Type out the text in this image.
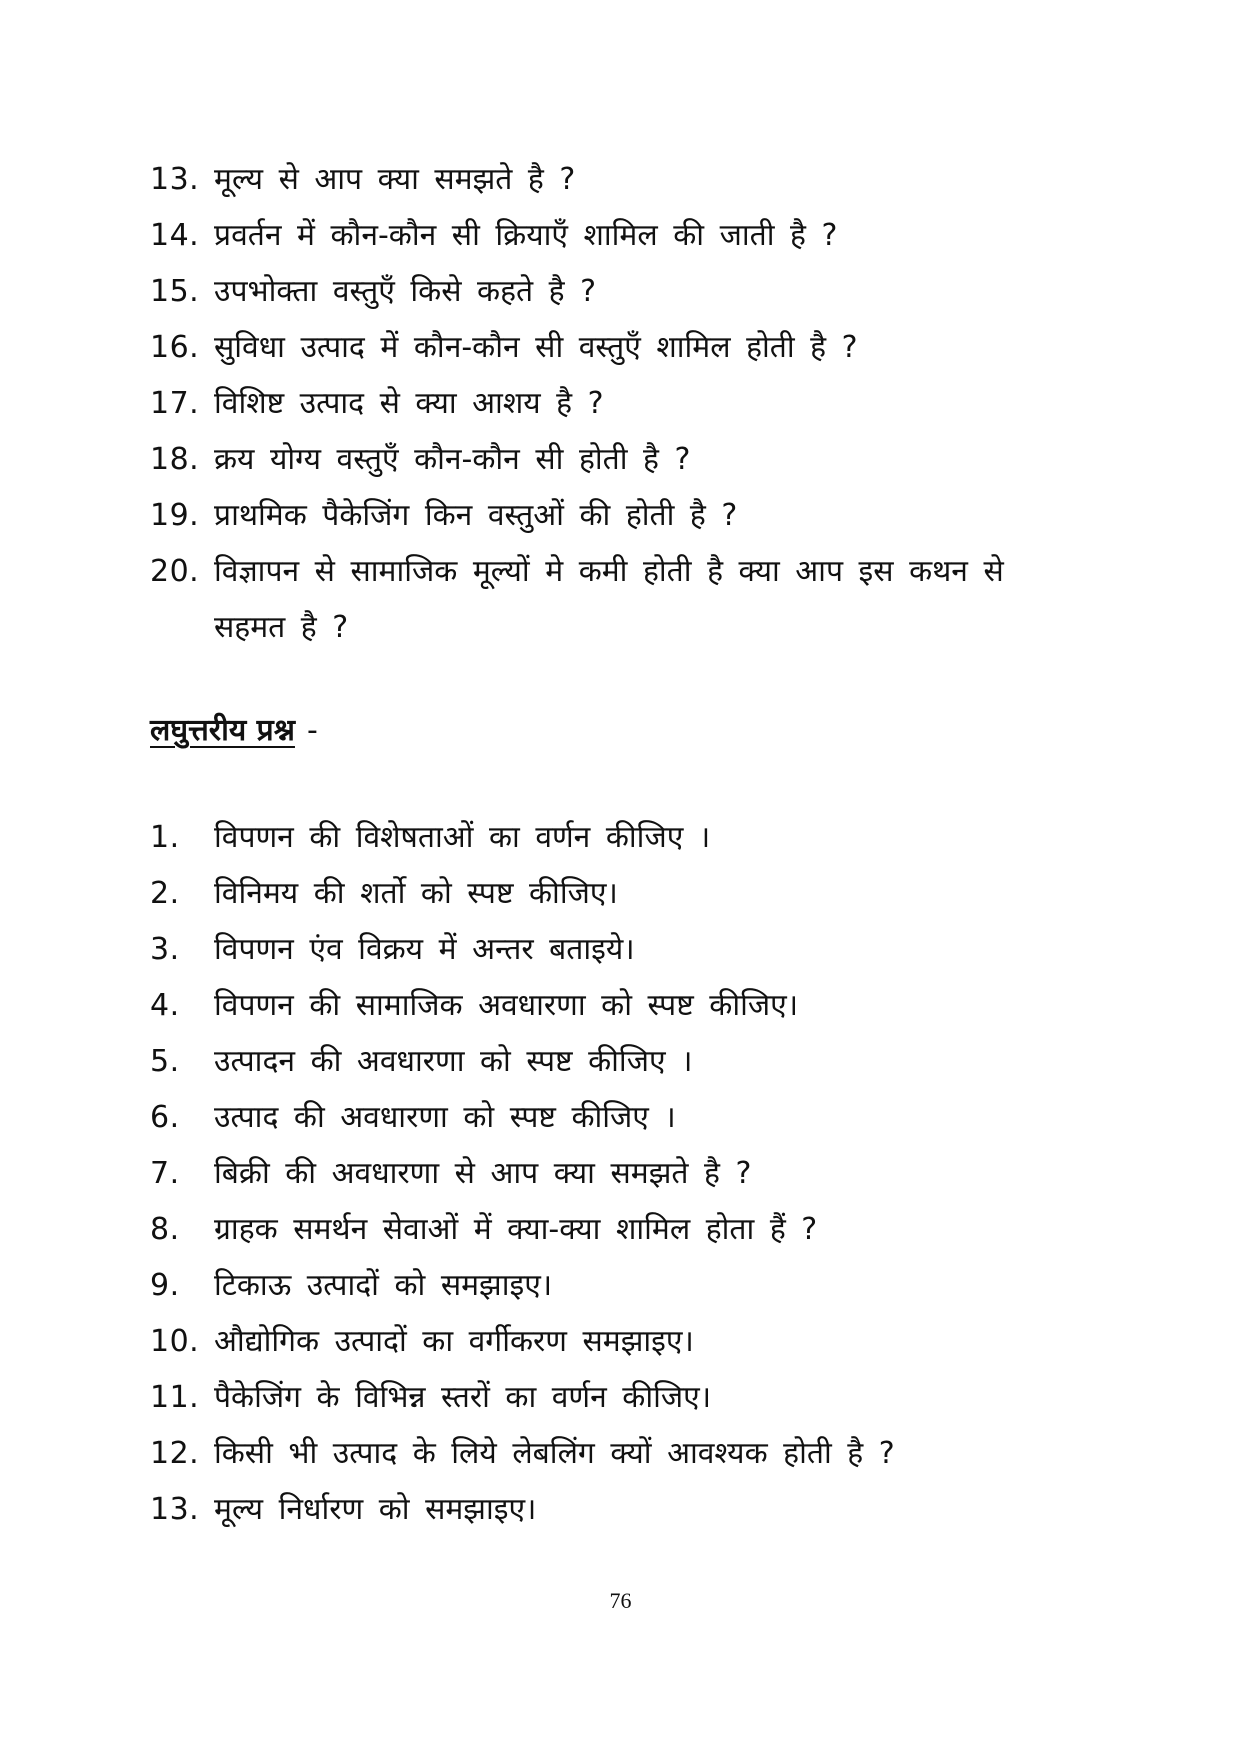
13. मूल्य से आप क्या समझते है ?
14. प्रवर्तन में कौन-कौन सी क्रियाएँ शामिल की जाती है ?
15. उपभोक्ता वस्तुएँ किसे कहते है ?
16. सुविधा उत्पाद में कौन-कौन सी वस्तुएँ शामिल होती है ?
17. विशिष्ट उत्पाद से क्या आशय है ?
18. क्रय योग्य वस्तुएँ कौन-कौन सी होती है ?
19. प्राथमिक पैकेजिंग किन वस्तुओं की होती है ?
20. विज्ञापन से सामाजिक मूल्यों मे कमी होती है क्या आप इस कथन से सहमत है ?
लघुत्तरीय प्रश्न -
1.	विपणन की विशेषताओं का वर्णन कीजिए ।
2.	विनिमय की शर्तो को स्पष्ट कीजिए।
3.	विपणन एंव विक्रय में अन्तर बताइये।
4.	विपणन की सामाजिक अवधारणा को स्पष्ट कीजिए।
5.	उत्पादन की अवधारणा को स्पष्ट कीजिए ।
6.	उत्पाद की अवधारणा को स्पष्ट कीजिए ।
7.	बिक्री की अवधारणा से आप क्या समझते है ?
8.	ग्राहक समर्थन सेवाओं में क्या-क्या शामिल होता हैं ?
9.	टिकाऊ उत्पादों को समझाइए।
10. औद्योगिक उत्पादों का वर्गीकरण समझाइए।
11. पैकेजिंग के विभिन्न स्तरों का वर्णन कीजिए।
12. किसी भी उत्पाद के लिये लेबलिंग क्यों आवश्यक होती है ?
13. मूल्य निर्धारण को समझाइए।
76
